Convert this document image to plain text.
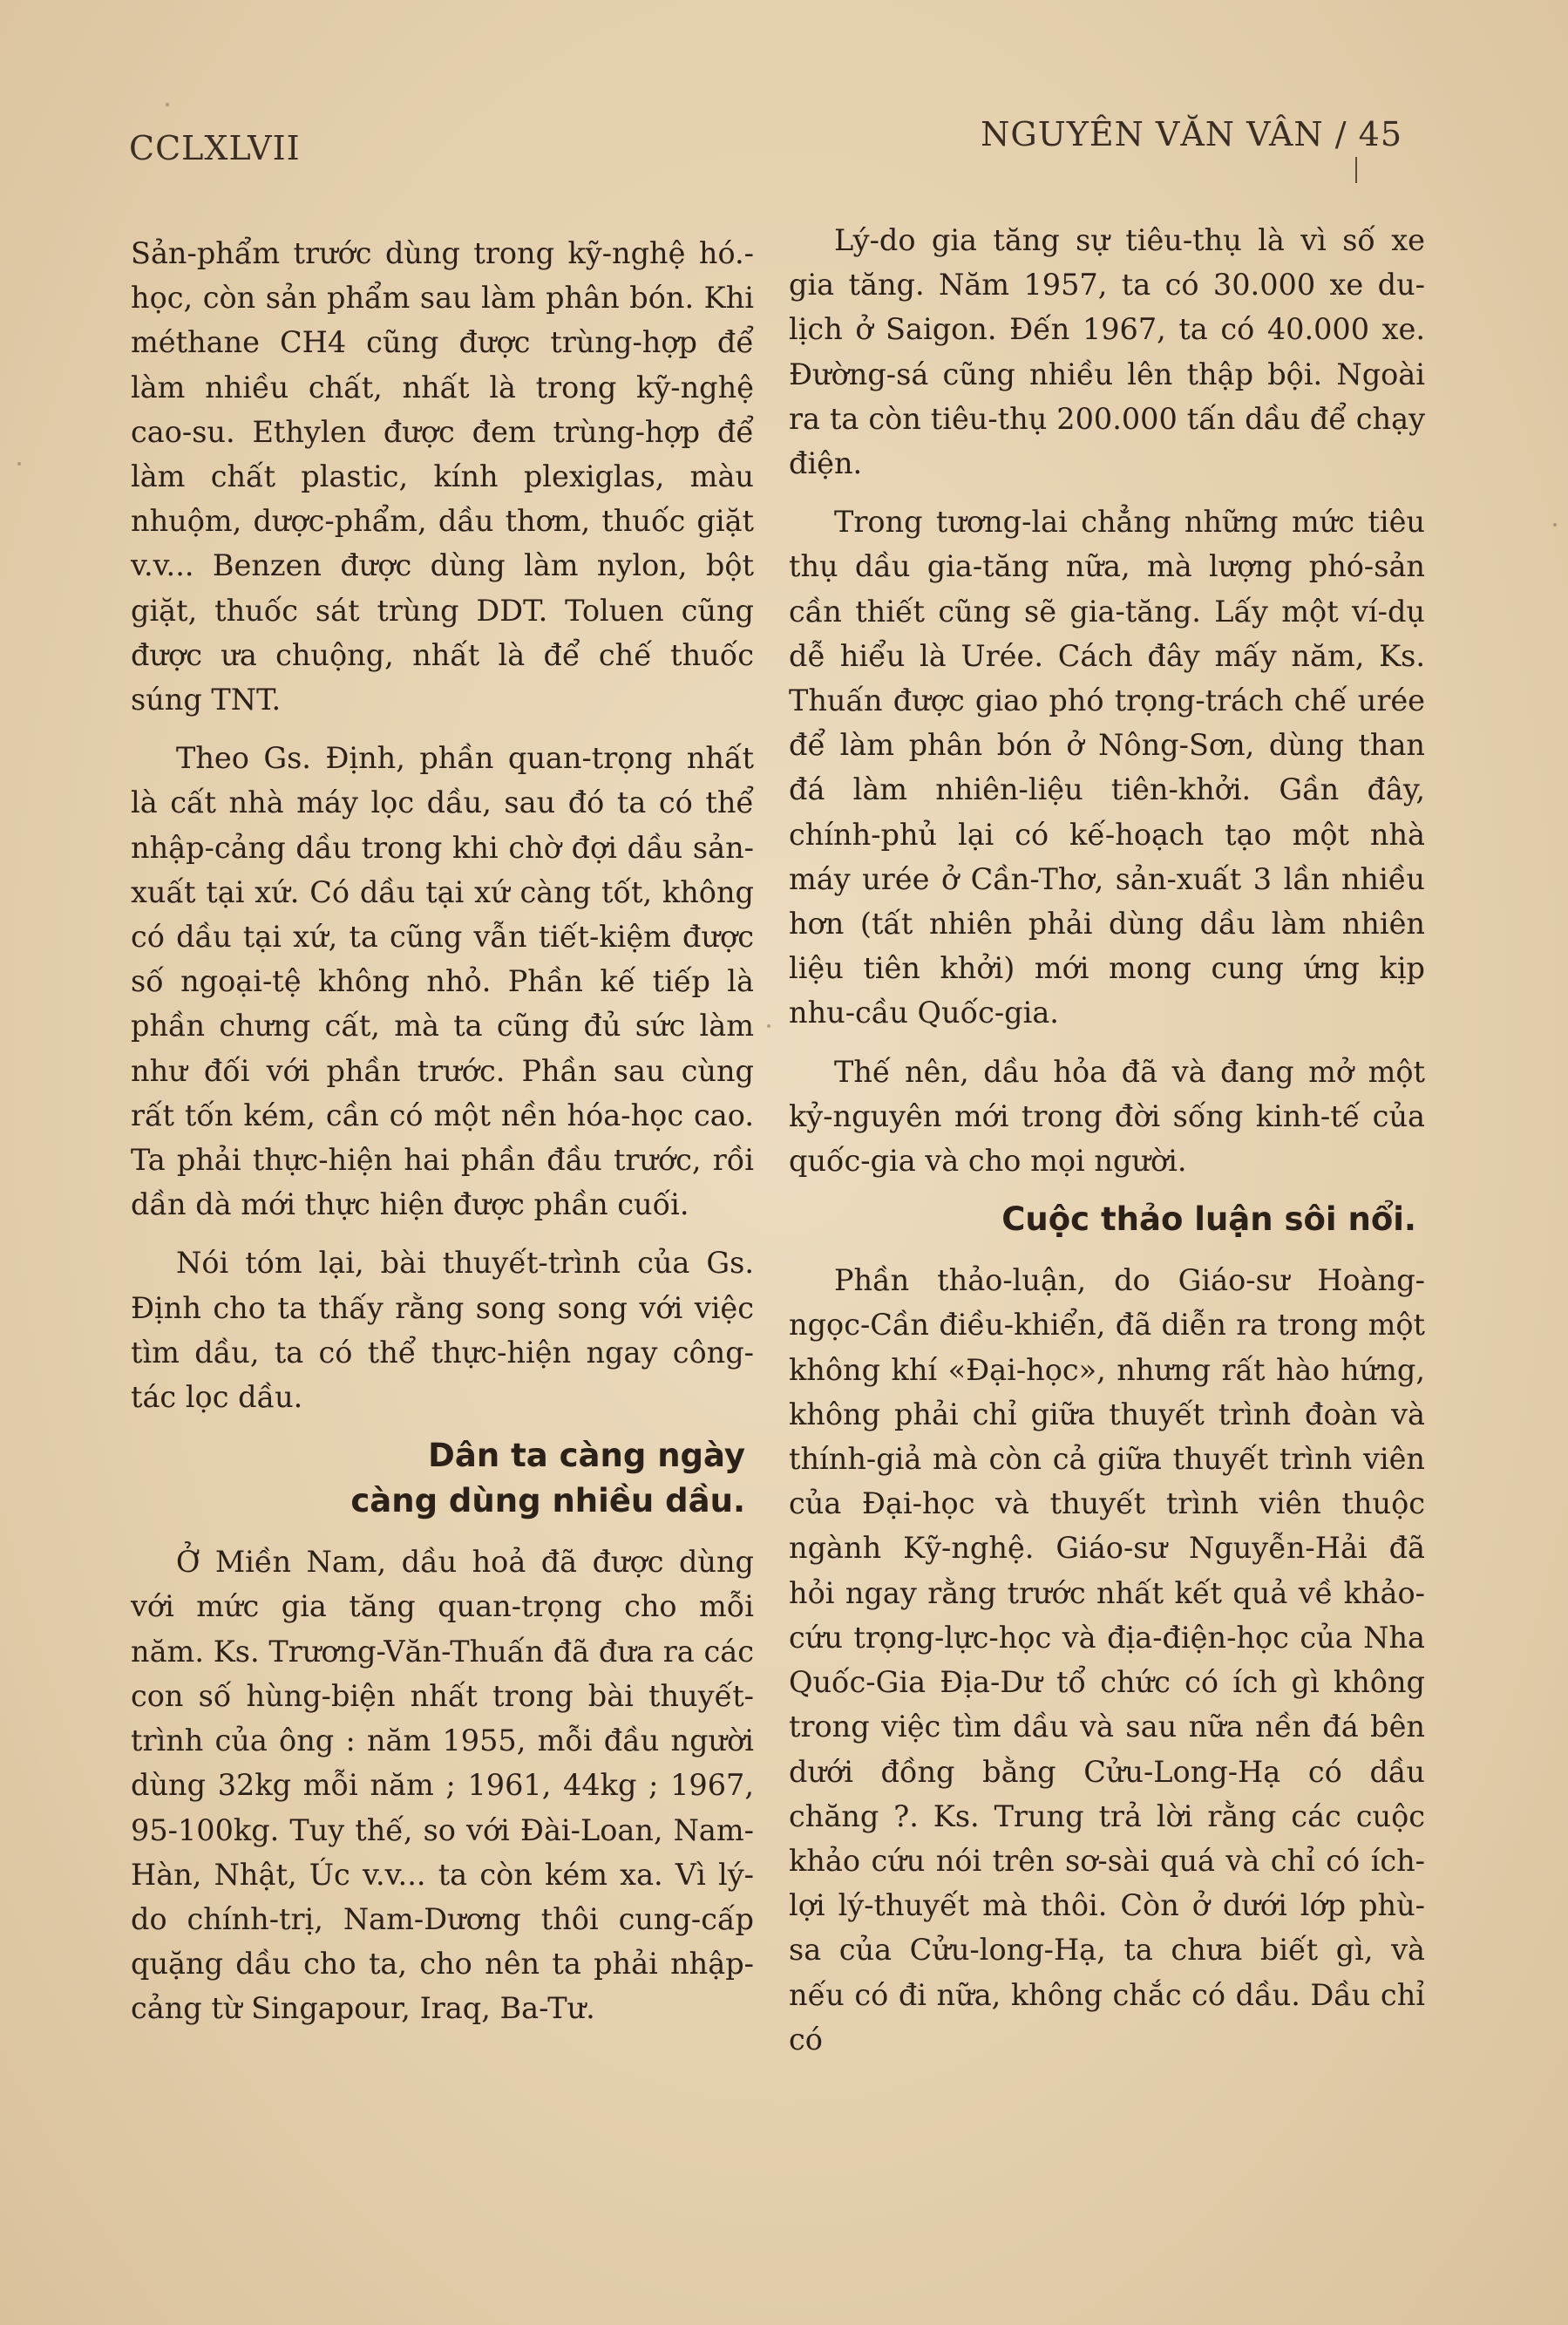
CCLXLVII	NGUYÊN VĂN VÂN / 45

Sản-phẩm trước dùng trong kỹ-nghệ hó.-học, còn sản phẩm sau làm phân bón. Khi méthane CH4 cũng được trùng-hợp để làm nhiều chất, nhất là trong kỹ-nghệ cao-su. Ethylen được đem trùng-hợp để làm chất plastic, kính plexiglas, màu nhuộm, dược-phẩm, dầu thơm, thuốc giặt v.v... Benzen được dùng làm nylon, bột giặt, thuốc sát trùng DDT. Toluen cũng được ưa chuộng, nhất là để chế thuốc súng TNT.

Theo Gs. Định, phần quan-trọng nhất là cất nhà máy lọc dầu, sau đó ta có thể nhập-cảng dầu trong khi chờ đợi dầu sản-xuất tại xứ. Có dầu tại xứ càng tốt, không có dầu tại xứ, ta cũng vẫn tiết-kiệm được số ngoại-tệ không nhỏ. Phần kế tiếp là phần chưng cất, mà ta cũng đủ sức làm như đối với phần trước. Phần sau cùng rất tốn kém, cần có một nền hóa-học cao. Ta phải thực-hiện hai phần đầu trước, rồi dần dà mới thực hiện được phần cuối.

Nói tóm lại, bài thuyết-trình của Gs. Định cho ta thấy rằng song song với việc tìm dầu, ta có thể thực-hiện ngay công-tác lọc dầu.

Dân ta càng ngày
càng dùng nhiều dầu.

Ở Miền Nam, dầu hoả đã được dùng với mức gia tăng quan-trọng cho mỗi năm. Ks. Trương-Văn-Thuấn đã đưa ra các con số hùng-biện nhất trong bài thuyết-trình của ông : năm 1955, mỗi đầu người dùng 32kg mỗi năm ; 1961, 44kg ; 1967, 95-100kg. Tuy thế, so với Đài-Loan, Nam-Hàn, Nhật, Úc v.v... ta còn kém xa. Vì lý-do chính-trị, Nam-Dương thôi cung-cấp quặng dầu cho ta, cho nên ta phải nhập-cảng từ Singapour, Iraq, Ba-Tư.

Lý-do gia tăng sự tiêu-thụ là vì số xe gia tăng. Năm 1957, ta có 30.000 xe du-lịch ở Saigon. Đến 1967, ta có 40.000 xe. Đường-sá cũng nhiều lên thập bội. Ngoài ra ta còn tiêu-thụ 200.000 tấn dầu để chạy điện.

Trong tương-lai chẳng những mức tiêu thụ dầu gia-tăng nữa, mà lượng phó-sản cần thiết cũng sẽ gia-tăng. Lấy một ví-dụ dễ hiểu là Urée. Cách đây mấy năm, Ks. Thuấn được giao phó trọng-trách chế urée để làm phân bón ở Nông-Sơn, dùng than đá làm nhiên-liệu tiên-khởi. Gần đây, chính-phủ lại có kế-hoạch tạo một nhà máy urée ở Cần-Thơ, sản-xuất 3 lần nhiều hơn (tất nhiên phải dùng dầu làm nhiên liệu tiên khởi) mới mong cung ứng kịp nhu-cầu Quốc-gia.

Thế nên, dầu hỏa đã và đang mở một kỷ-nguyên mới trong đời sống kinh-tế của quốc-gia và cho mọi người.

Cuộc thảo luận sôi nổi.

Phần thảo-luận, do Giáo-sư Hoàng-ngọc-Cần điều-khiển, đã diễn ra trong một không khí «Đại-học», nhưng rất hào hứng, không phải chỉ giữa thuyết trình đoàn và thính-giả mà còn cả giữa thuyết trình viên của Đại-học và thuyết trình viên thuộc ngành Kỹ-nghệ. Giáo-sư Nguyễn-Hải đã hỏi ngay rằng trước nhất kết quả về khảo-cứu trọng-lực-học và địa-điện-học của Nha Quốc-Gia Địa-Dư tổ chức có ích gì không trong việc tìm dầu và sau nữa nền đá bên dưới đồng bằng Cửu-Long-Hạ có dầu chăng ?. Ks. Trung trả lời rằng các cuộc khảo cứu nói trên sơ-sài quá và chỉ có ích-lợi lý-thuyết mà thôi. Còn ở dưới lớp phù-sa của Cửu-long-Hạ, ta chưa biết gì, và nếu có đi nữa, không chắc có dầu. Dầu chỉ có
